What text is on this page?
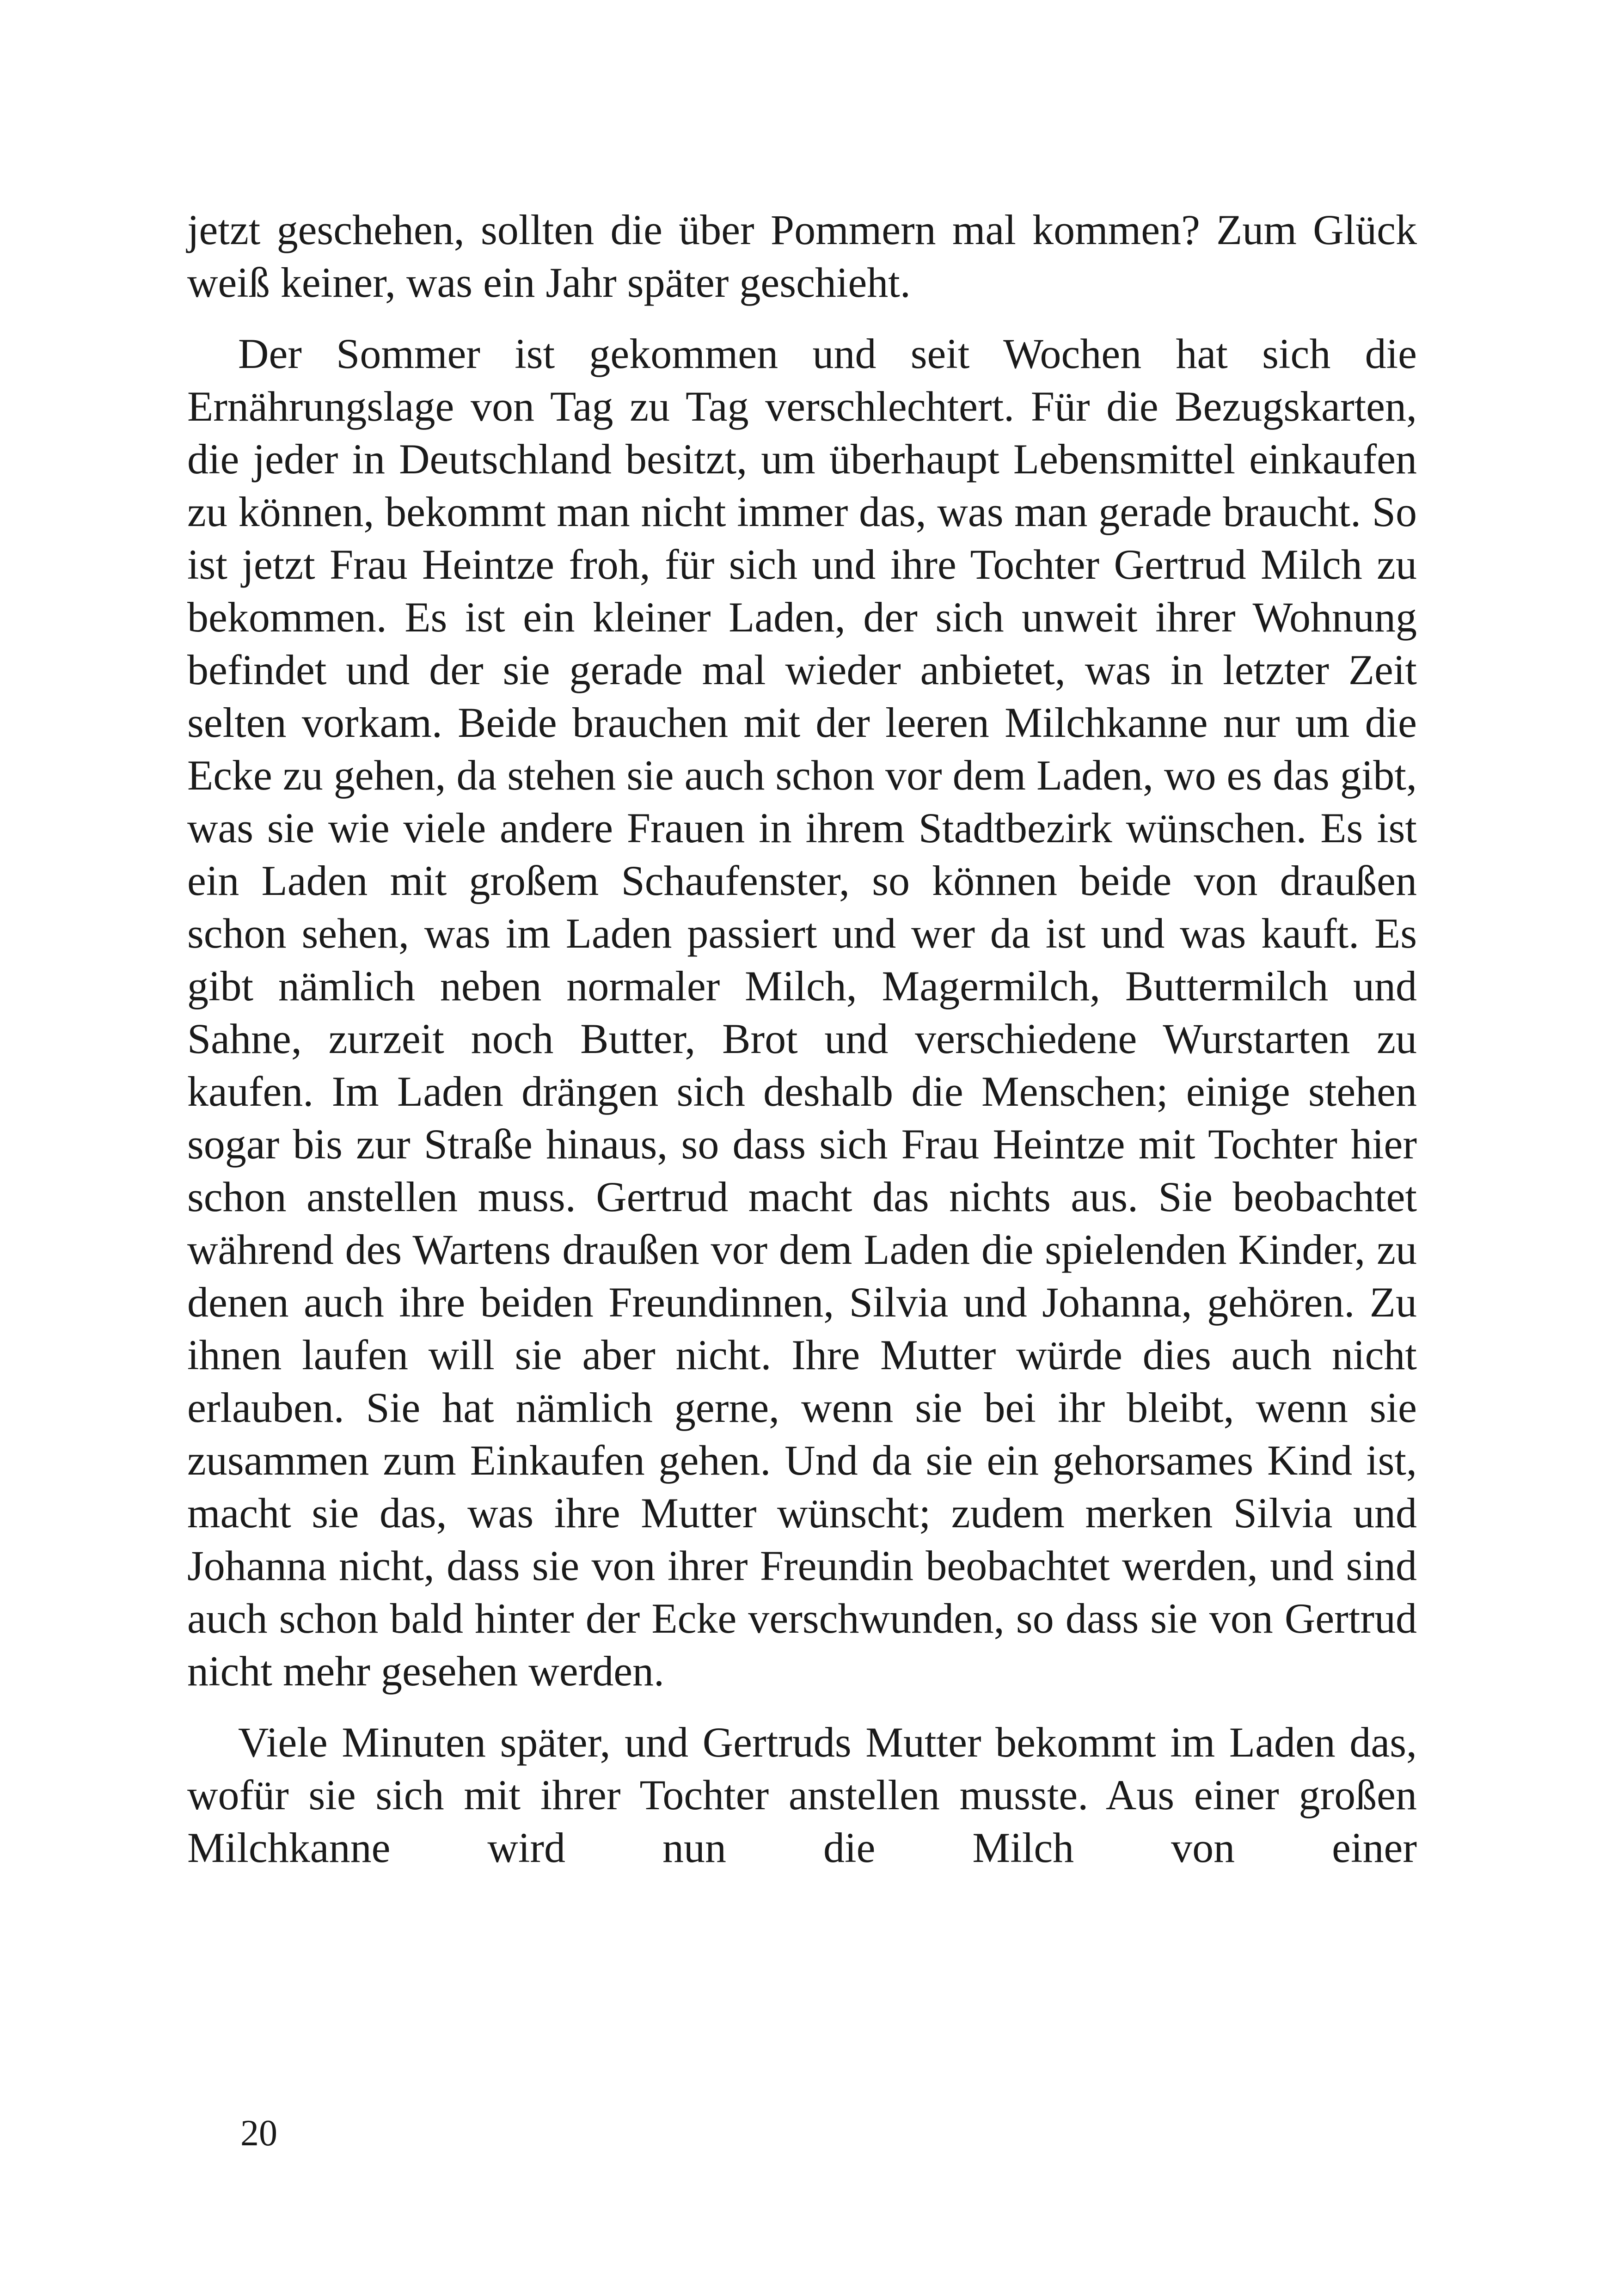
jetzt geschehen, sollten die über Pommern mal kommen? Zum Glück weiß keiner, was ein Jahr später geschieht.

Der Sommer ist gekommen und seit Wochen hat sich die Ernährungslage von Tag zu Tag verschlechtert. Für die Bezugskarten, die jeder in Deutschland besitzt, um überhaupt Lebensmittel einkaufen zu können, bekommt man nicht immer das, was man gerade braucht. So ist jetzt Frau Heintze froh, für sich und ihre Tochter Gertrud Milch zu bekommen. Es ist ein kleiner Laden, der sich unweit ihrer Wohnung befindet und der sie gerade mal wieder anbietet, was in letzter Zeit selten vorkam. Beide brauchen mit der leeren Milchkanne nur um die Ecke zu gehen, da stehen sie auch schon vor dem Laden, wo es das gibt, was sie wie viele andere Frauen in ihrem Stadtbezirk wünschen. Es ist ein Laden mit großem Schaufenster, so können beide von draußen schon sehen, was im Laden passiert und wer da ist und was kauft. Es gibt nämlich neben normaler Milch, Magermilch, Buttermilch und Sahne, zurzeit noch Butter, Brot und verschiedene Wurstarten zu kaufen. Im Laden drängen sich deshalb die Menschen; einige stehen sogar bis zur Straße hinaus, so dass sich Frau Heintze mit Tochter hier schon anstellen muss. Gertrud macht das nichts aus. Sie beobachtet während des Wartens draußen vor dem Laden die spielenden Kinder, zu denen auch ihre beiden Freundinnen, Silvia und Johanna, gehören. Zu ihnen laufen will sie aber nicht. Ihre Mutter würde dies auch nicht erlauben. Sie hat nämlich gerne, wenn sie bei ihr bleibt, wenn sie zusammen zum Einkaufen gehen. Und da sie ein gehorsames Kind ist, macht sie das, was ihre Mutter wünscht; zudem merken Silvia und Johanna nicht, dass sie von ihrer Freundin beobachtet werden, und sind auch schon bald hinter der Ecke verschwunden, so dass sie von Gertrud nicht mehr gesehen werden.

Viele Minuten später, und Gertruds Mutter bekommt im Laden das, wofür sie sich mit ihrer Tochter anstellen musste. Aus einer großen Milchkanne wird nun die Milch von einer

20
